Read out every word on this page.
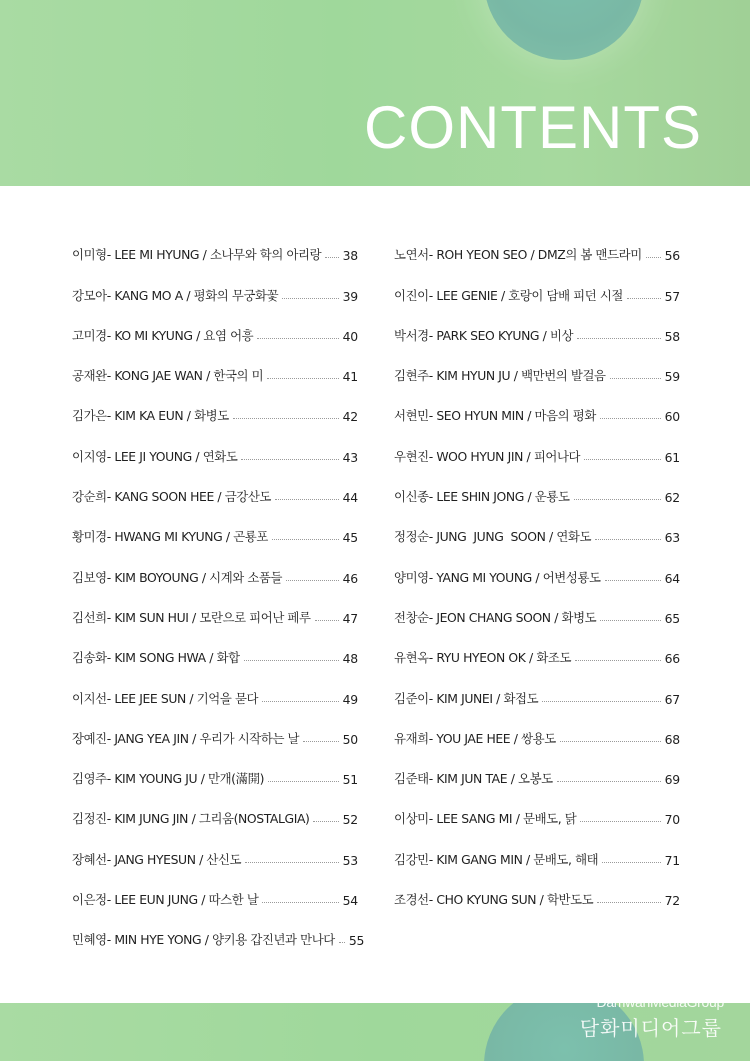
CONTENTS
이미형- LEE MI HYUNG / 소나무와 학의 아리랑 38
강모아- KANG MO A / 평화의 무궁화꽃	39
고미경- KO MI KYUNG / 요염 어흥	40
공재완- KONG JAE WAN / 한국의 미	41
김가은- KIM KA EUN / 화병도	42
이지영- LEE JI YOUNG / 연화도	43
강순희- KANG SOON HEE / 금강산도	44
황미경- HWANG MI KYUNG / 곤룡포	45
김보영- KIM BOYOUNG / 시계와 소품들	46
김선희- KIM SUN HUI / 모란으로 피어난 페루	47
김송화- KIM SONG HWA / 화합	48
이지선- LEE JEE SUN / 기억을 묻다	49
장예진- JANG YEA JIN / 우리가 시작하는 날	50
김영주- KIM YOUNG JU / 만개(滿開)	51
김정진- KIM JUNG JIN / 그리움(NOSTALGIA)	52
장혜선- JANG HYESUN / 산신도	53
이은정- LEE EUN JUNG / 따스한 날	54
민혜영- MIN HYE YONG / 양키용 갑진년과 만나다 55
노연서- ROH YEON SEO / DMZ의 봄 맨드라미 56
이진이- LEE GENIE / 호랑이 담배 피던 시절	57
박서경- PARK SEO KYUNG / 비상	58
김현주- KIM HYUN JU / 백만번의 발걸음	59
서현민- SEO HYUN MIN / 마음의 평화	60
우현진- WOO HYUN JIN / 피어나다	61
이신종- LEE SHIN JONG / 운룡도	62
정정순- JUNG  JUNG  SOON / 연화도	63
양미영- YANG MI YOUNG / 어변성룡도	64
전창순- JEON CHANG SOON / 화병도	65
유현옥- RYU HYEON OK / 화조도	66
김준이- KIM JUNEI / 화접도	67
유재희- YOU JAE HEE / 쌍용도	68
김준태- KIM JUN TAE / 오봉도	69
이상미- LEE SANG MI / 문배도, 닭	70
김강민- KIM GANG MIN / 문배도, 해태	71
조경선- CHO KYUNG SUN / 학반도도	72
DamwahMediaGroup
담화미디어그룹
